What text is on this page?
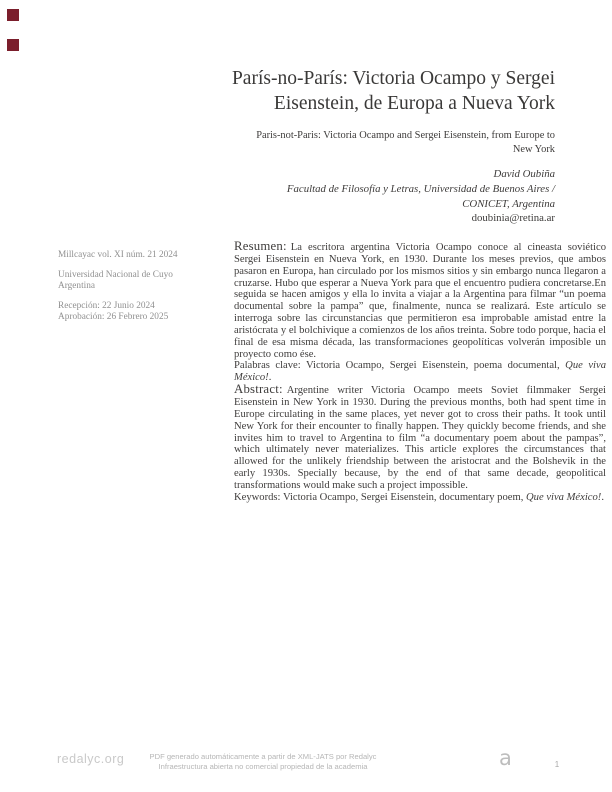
París-no-París: Victoria Ocampo y Sergei
Eisenstein, de Europa a Nueva York
Paris-not-Paris: Victoria Ocampo and Sergei Eisenstein, from Europe to
New York
David Oubiña
Facultad de Filosofía y Letras, Universidad de Buenos Aires /
CONICET, Argentina
doubinia@retina.ar
Millcayac vol. XI núm. 21 2024
Universidad Nacional de Cuyo
Argentina
Recepción: 22 Junio 2024
Aprobación: 26 Febrero 2025

Resumen: La escritora argentina Victoria Ocampo conoce al cineasta soviético Sergei Eisenstein en Nueva York, en 1930. Durante los meses previos, que ambos pasaron en Europa, han circulado por los mismos sitios y sin embargo nunca llegaron a cruzarse. Hubo que esperar a Nueva York para que el encuentro pudiera concretarse.En seguida se hacen amigos y ella lo invita a viajar a la Argentina para filmar “un poema documental sobre la pampa” que, finalmente, nunca se realizará. Este artículo se interroga sobre las circunstancias que permitieron esa improbable amistad entre la aristócrata y el bolchivique a comienzos de los años treinta. Sobre todo porque, hacia el final de esa misma década, las transformaciones geopolíticas volverán imposible un proyecto como ése.

Palabras clave: Victoria Ocampo, Sergei Eisenstein, poema documental, Que viva México!.

Abstract: Argentine writer Victoria Ocampo meets Soviet filmmaker Sergei Eisenstein in New York in 1930. During the previous months, both had spent time in Europe circulating in the same places, yet never got to cross their paths. It took until New York for their encounter to finally happen. They quickly become friends, and she invites him to travel to Argentina to film “a documentary poem about the pampas”, which ultimately never materializes. This article explores the circumstances that allowed for the unlikely friendship between the aristocrat and the Bolshevik in the early 1930s. Specially because, by the end of that same decade, geopolitical transformations would make such a project impossible.

Keywords: Victoria Ocampo, Sergei Eisenstein, documentary poem, Que viva México!.

redalyc.org	PDF generado automáticamente a partir de XML-JATS por Redalyc
Infraestructura abierta no comercial propiedad de la academia	a	1
